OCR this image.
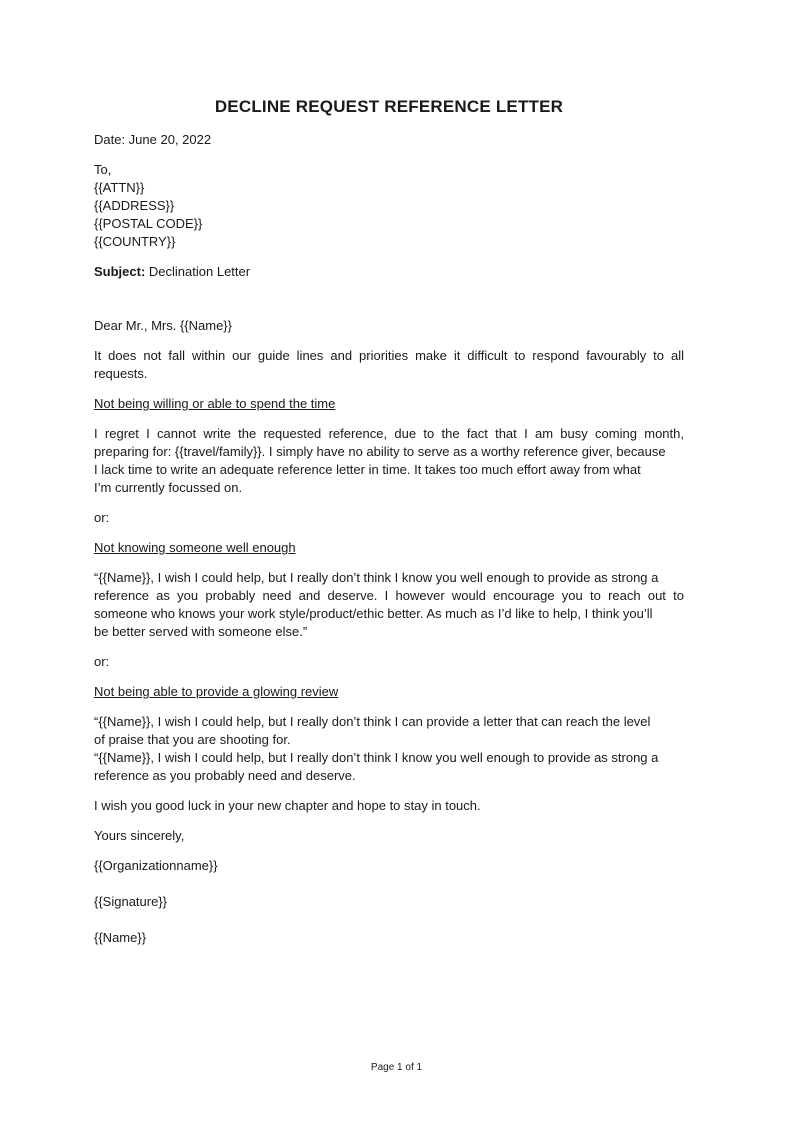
DECLINE REQUEST REFERENCE LETTER

Date: June 20, 2022

To,

{{ATTN}}

{{ADDRESS}}

{{POSTAL CODE}}

{{COUNTRY}}

Subject: Declination Letter

Dear Mr., Mrs. {{Name}}

It does not fall within our guide lines and priorities make it difficult to respond favourably to all requests.

Not being willing or able to spend the time

I regret I cannot write the requested reference, due to the fact that I am busy coming month,

preparing for: {{travel/family}}. I simply have no ability to serve as a worthy reference giver, because

I lack time to write an adequate reference letter in time. It takes too much effort away from what

I’m currently focussed on.

or:

Not knowing someone well enough

“{{Name}}, I wish I could help, but I really don’t think I know you well enough to provide as strong a

reference as you probably need and deserve. I however would encourage you to reach out to

someone who knows your work style/product/ethic better. As much as I’d like to help, I think you’ll

be better served with someone else.”

or:

Not being able to provide a glowing review

“{{Name}}, I wish I could help, but I really don’t think I can provide a letter that can reach the level

of praise that you are shooting for.

“{{Name}}, I wish I could help, but I really don’t think I know you well enough to provide as strong a

reference as you probably need and deserve.

I wish you good luck in your new chapter and hope to stay in touch.

Yours sincerely,

{{Organizationname}}

{{Signature}}

{{Name}}

Page 1 of 1
